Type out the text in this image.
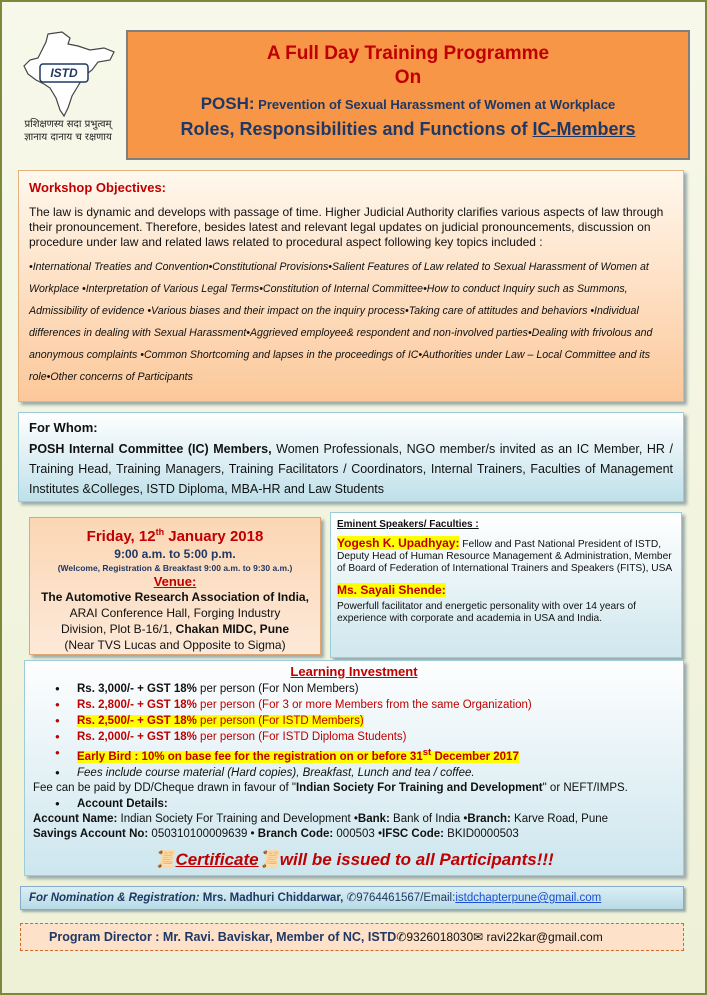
ISTD
प्रशिक्षणस्य सदा प्रभुत्वम्
ज्ञानाय दानाय च रक्षणाय
A Full Day Training Programme
On
POSH: Prevention of Sexual Harassment of Women at Workplace
Roles, Responsibilities and Functions of IC-Members
Workshop Objectives:
The law is dynamic and develops with passage of time. Higher Judicial Authority clarifies various aspects of law through their pronouncement. Therefore, besides latest and relevant legal updates on judicial pronouncements, discussion on procedure under law and related laws related to procedural aspect following key topics included :
•International Treaties and Convention•Constitutional Provisions•Salient Features of Law related to Sexual Harassment of Women at Workplace •Interpretation of Various Legal Terms•Constitution of Internal Committee•How to conduct Inquiry such as Summons, Admissibility of evidence •Various biases and their impact on the inquiry process•Taking care of attitudes and behaviors •Individual differences in dealing with Sexual Harassment•Aggrieved employee& respondent and non-involved parties•Dealing with frivolous and anonymous complaints •Common Shortcoming and lapses in the proceedings of IC•Authorities under Law – Local Committee and its role•Other concerns of Participants
For Whom:
POSH Internal Committee (IC) Members, Women Professionals, NGO member/s invited as an IC Member, HR / Training Head, Training Managers, Training Facilitators / Coordinators, Internal Trainers, Faculties of Management Institutes &Colleges, ISTD Diploma, MBA-HR and Law Students
Friday, 12th January 2018
9:00 a.m. to 5:00 p.m.
(Welcome, Registration & Breakfast 9:00 a.m. to 9:30 a.m.)
Venue:
The Automotive Research Association of India,
ARAI Conference Hall, Forging Industry
Division, Plot B-16/1, Chakan MIDC, Pune
(Near TVS Lucas and Opposite to Sigma)
Eminent Speakers/ Faculties :
Yogesh K. Upadhyay: Fellow and Past National President of ISTD, Deputy Head of Human Resource Management & Administration, Member of Board of Federation of International Trainers and Speakers (FITS), USA
Ms. Sayali Shende:
Powerfull facilitator and energetic personality with over 14 years of experience with corporate and academia in USA and India.
Learning Investment
● Rs. 3,000/- + GST 18% per person (For Non Members)
● Rs. 2,800/- + GST 18% per person (For 3 or more Members from the same Organization)
● Rs. 2,500/- + GST 18% per person (For ISTD Members)
● Rs. 2,000/- + GST 18% per person (For ISTD Diploma Students)
● Early Bird : 10% on base fee for the registration on or before 31st December 2017
● Fees include course material (Hard copies), Breakfast, Lunch and tea / coffee.
Fee can be paid by DD/Cheque drawn in favour of "Indian Society For Training and Development" or NEFT/IMPS.
● Account Details:
Account Name: Indian Society For Training and Development •Bank: Bank of India •Branch: Karve Road, Pune
Savings Account No: 050310100009639 • Branch Code: 000503 •IFSC Code: BKID0000503
📜Certificate📜will be issued to all Participants!!!
For Nomination & Registration: Mrs. Madhuri Chiddarwar, ✆9764461567/Email:istdchapterpune@gmail.com
Program Director : Mr. Ravi. Baviskar, Member of NC, ISTD✆9326018030✉ ravi22kar@gmail.com
